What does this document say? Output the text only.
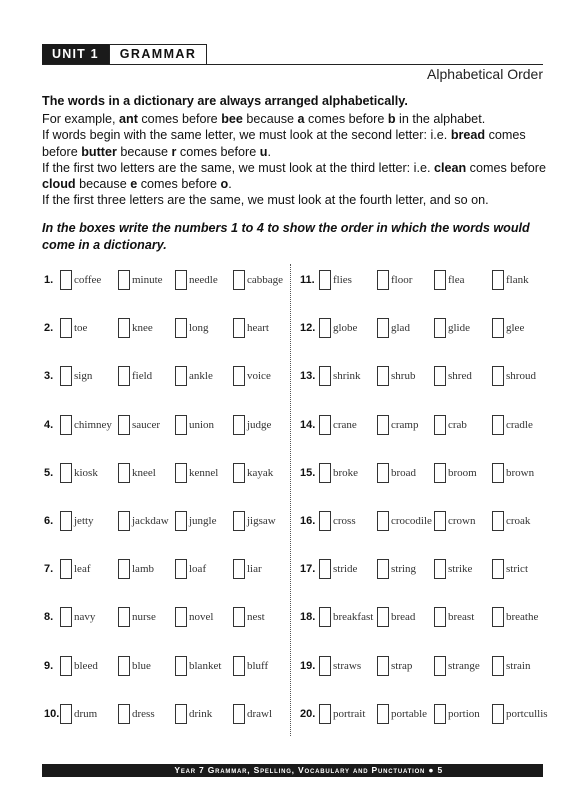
UNIT 1	GRAMMAR
Alphabetical Order

The words in a dictionary are always arranged alphabetically.

For example, ant comes before bee because a comes before b in the alphabet.

If words begin with the same letter, we must look at the second letter: i.e. bread comes before butter because r comes before u.

If the first two letters are the same, we must look at the third letter: i.e. clean comes before cloud because e comes before o.

If the first three letters are the same, we must look at the fourth letter, and so on.

In the boxes write the numbers 1 to 4 to show the order in which the words would come in a dictionary.
1.	coffee	minute needle	cabbage
2.	toe	knee	long	heart
3.	sign	field	ankle	voice
4.	chimney saucer	union	judge
5.	kiosk	kneel	kennel	kayak
6.	jetty	jackdaw jungle	jigsaw
7.	leaf	lamb	loaf	liar
8.	navy	nurse	novel	nest
9.	bleed	blue	blanket bluff
10. drum	dress	drink	drawl
11. flies	floor	flea	flank
12. globe	glad	glide	glee
13. shrink	shrub	shred	shroud
14. crane	cramp	crab	cradle
15. broke	broad	broom	brown
16. cross	crocodile crown	croak
17. stride	string	strike	strict
18. breakfast bread	breast	breathe
19. straws	strap	strange strain
20. portrait portable portion portcullis
Year 7 Grammar, Spelling, Vocabulary and Punctuation ● 5
